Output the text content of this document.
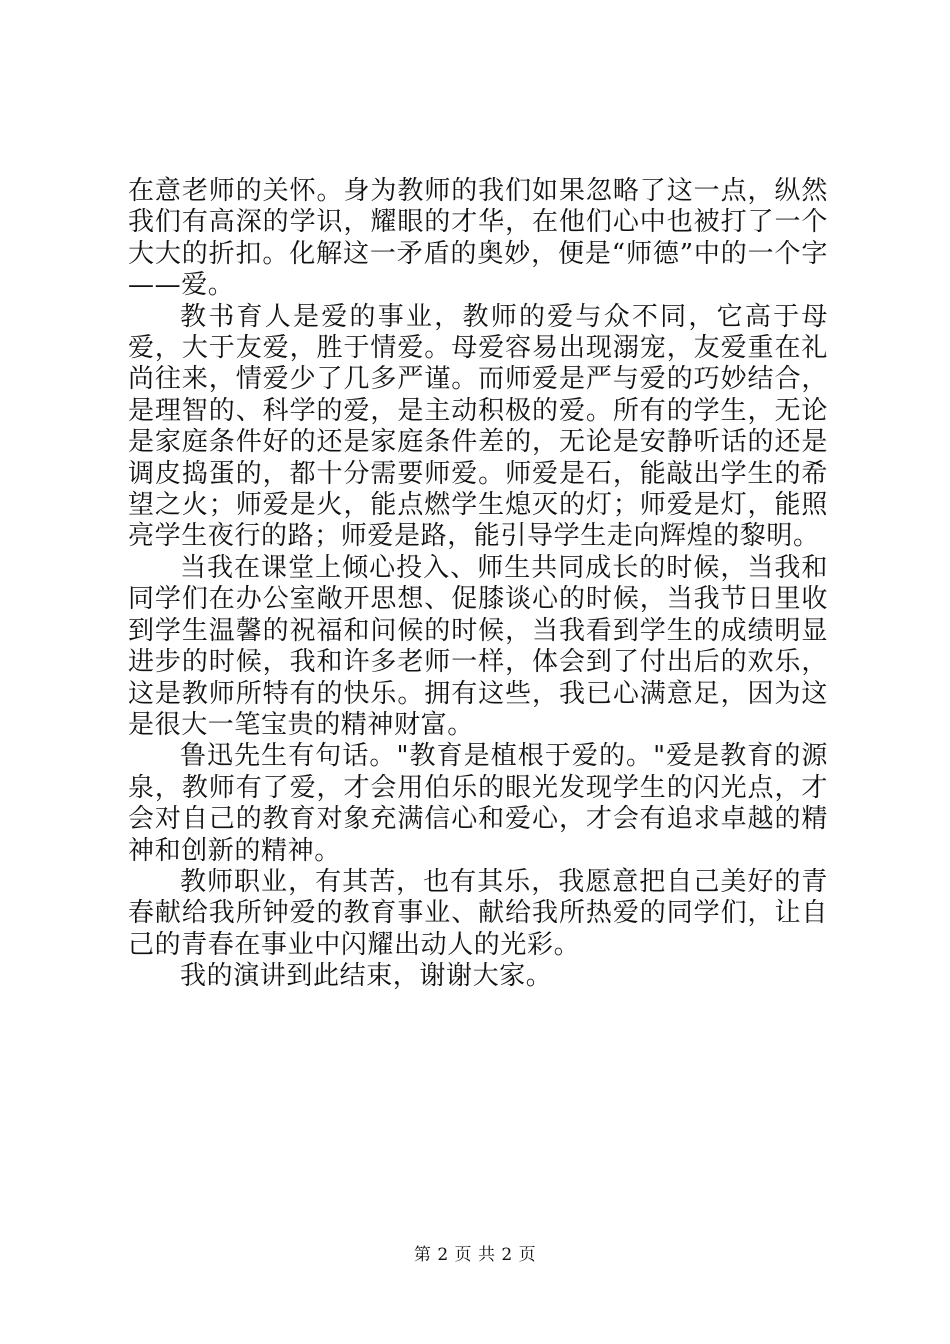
在意老师的关怀。身为教师的我们如果忽略了这一点，纵然我们有高深的学识，耀眼的才华，在他们心中也被打了一个大大的折扣。化解这一矛盾的奥妙，便是“师德”中的一个字——爱。

教书育人是爱的事业，教师的爱与众不同，它高于母爱，大于友爱，胜于情爱。母爱容易出现溺宠，友爱重在礼尚往来，情爱少了几多严谨。而师爱是严与爱的巧妙结合，是理智的、科学的爱，是主动积极的爱。所有的学生，无论是家庭条件好的还是家庭条件差的，无论是安静听话的还是调皮捣蛋的，都十分需要师爱。师爱是石，能敲出学生的希望之火；师爱是火，能点燃学生熄灭的灯；师爱是灯，能照亮学生夜行的路；师爱是路，能引导学生走向辉煌的黎明。

当我在课堂上倾心投入、师生共同成长的时候，当我和同学们在办公室敞开思想、促膝谈心的时候，当我节日里收到学生温馨的祝福和问候的时候，当我看到学生的成绩明显进步的时候，我和许多老师一样，体会到了付出后的欢乐，这是教师所特有的快乐。拥有这些，我已心满意足，因为这是很大一笔宝贵的精神财富。

鲁迅先生有句话。"教育是植根于爱的。"爱是教育的源泉，教师有了爱，才会用伯乐的眼光发现学生的闪光点，才会对自己的教育对象充满信心和爱心，才会有追求卓越的精神和创新的精神。

教师职业，有其苦，也有其乐，我愿意把自己美好的青春献给我所钟爱的教育事业、献给我所热爱的同学们，让自己的青春在事业中闪耀出动人的光彩。

我的演讲到此结束，谢谢大家。

第 2 页 共 2 页
